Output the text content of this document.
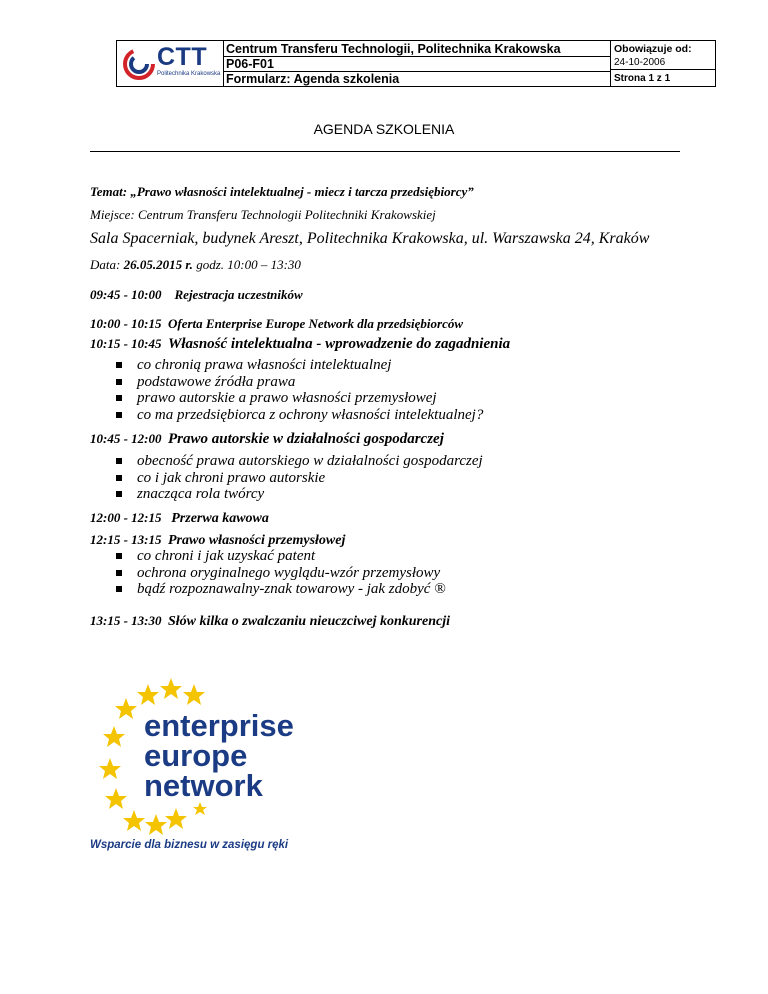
CTT
Politechnika Krakowska
Centrum Transferu Technologii, Politechnika Krakowska
P06-F01
Formularz: Agenda szkolenia
Obowiązuje od:
24-10-2006
Strona 1 z 1
AGENDA SZKOLENIA
Temat: „Prawo własności intelektualnej - miecz i tarcza przedsiębiorcy”
Miejsce: Centrum Transferu Technologii Politechniki Krakowskiej
Sala Spacerniak, budynek Areszt, Politechnika Krakowska, ul. Warszawska 24, Kraków
Data: 26.05.2015 r. godz. 10:00 – 13:30
09:45 - 10:00 Rejestracja uczestników
10:00 - 10:15 Oferta Enterprise Europe Network dla przedsiębiorców
10:15 - 10:45 Własność intelektualna - wprowadzenie do zagadnienia
co chronią prawa własności intelektualnej
podstawowe źródła prawa
prawo autorskie a prawo własności przemysłowej
co ma przedsiębiorca z ochrony własności intelektualnej?
10:45 - 12:00 Prawo autorskie w działalności gospodarczej
obecność prawa autorskiego w działalności gospodarczej
co i jak chroni prawo autorskie
znacząca rola twórcy
12:00 - 12:15 Przerwa kawowa
12:15 - 13:15 Prawo własności przemysłowej
co chroni i jak uzyskać patent
ochrona oryginalnego wyglądu-wzór przemysłowy
bądź rozpoznawalny-znak towarowy - jak zdobyć ®
13:15 - 13:30 Słów kilka o zwalczaniu nieuczciwej konkurencji
enterprise
europe
network
Wsparcie dla biznesu w zasięgu ręki
